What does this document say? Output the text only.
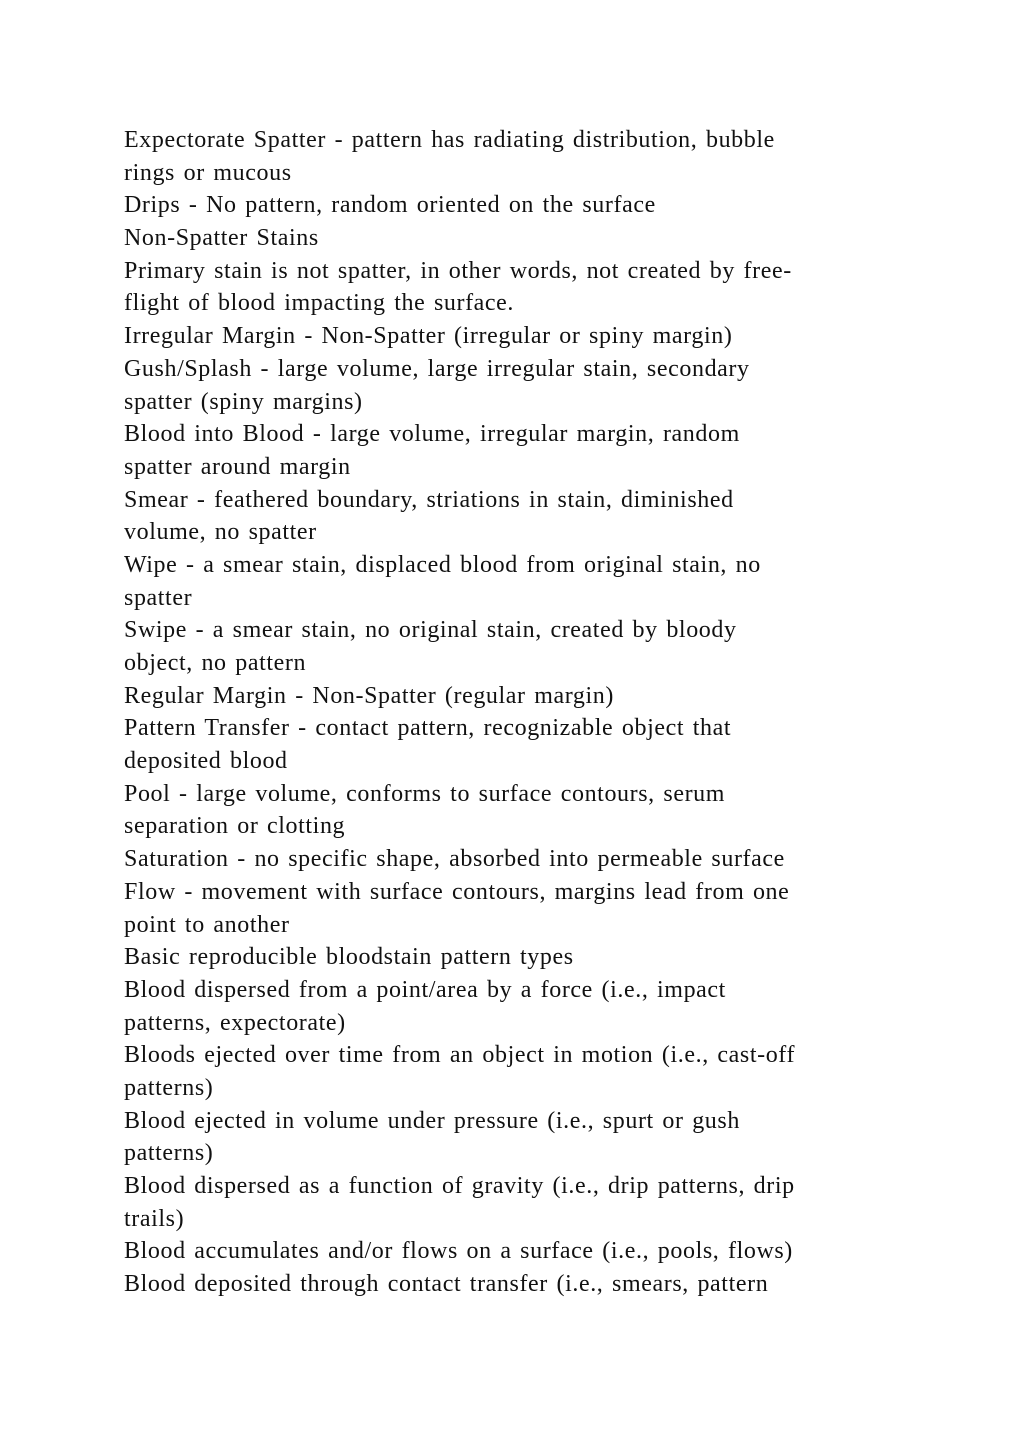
Expectorate Spatter - pattern has radiating distribution, bubble
rings or mucous
Drips - No pattern, random oriented on the surface
Non-Spatter Stains
Primary stain is not spatter, in other words, not created by free-
flight of blood impacting the surface.
Irregular Margin - Non-Spatter (irregular or spiny margin)
Gush/Splash - large volume, large irregular stain, secondary
spatter (spiny margins)
Blood into Blood - large volume, irregular margin, random
spatter around margin
Smear - feathered boundary, striations in stain, diminished
volume, no spatter
Wipe - a smear stain, displaced blood from original stain, no
spatter
Swipe - a smear stain, no original stain, created by bloody
object, no pattern
Regular Margin - Non-Spatter (regular margin)
Pattern Transfer - contact pattern, recognizable object that
deposited blood
Pool - large volume, conforms to surface contours, serum
separation or clotting
Saturation - no specific shape, absorbed into permeable surface
Flow - movement with surface contours, margins lead from one
point to another
Basic reproducible bloodstain pattern types
Blood dispersed from a point/area by a force (i.e., impact
patterns, expectorate)
Bloods ejected over time from an object in motion (i.e., cast-off
patterns)
Blood ejected in volume under pressure (i.e., spurt or gush
patterns)
Blood dispersed as a function of gravity (i.e., drip patterns, drip
trails)
Blood accumulates and/or flows on a surface (i.e., pools, flows)
Blood deposited through contact transfer (i.e., smears, pattern
